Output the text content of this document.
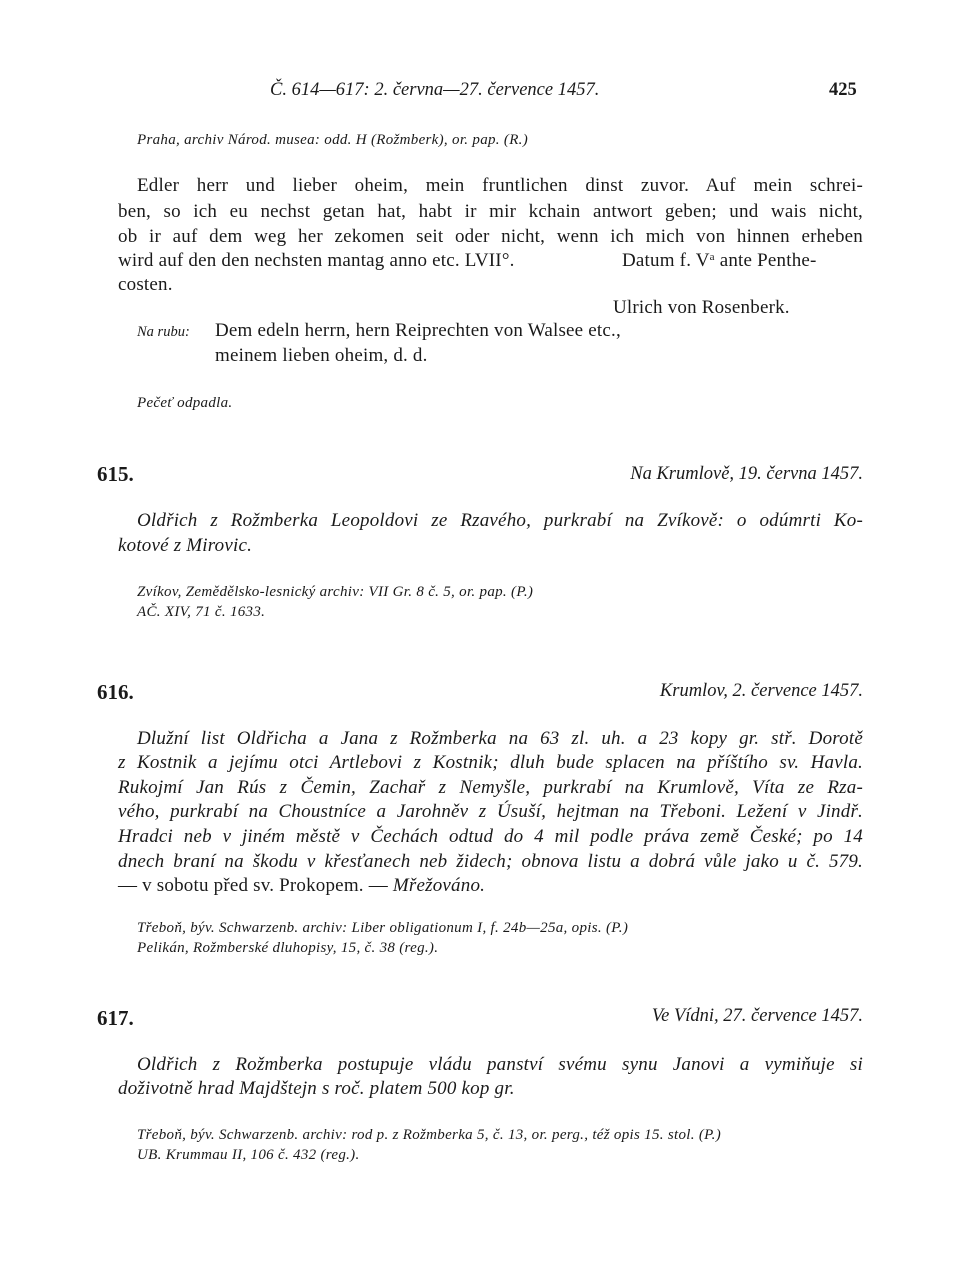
Č. 614—617: 2. června—27. července 1457.	425
Praha, archiv Národ. musea: odd. H (Rožmberk), or. pap. (R.)
Edler herr und lieber oheim, mein fruntlichen dinst zuvor. Auf mein schrei-
ben, so ich eu nechst getan hat, habt ir mir kchain antwort geben; und wais nicht,
ob ir auf dem weg her zekomen seit oder nicht, wenn ich mich von hinnen erheben
wird auf den den nechsten mantag anno etc. LVII°.	Datum f. $V^a$ ante Penthe-
costen.
Ulrich von Rosenberk.
Na rubu: Dem edeln herrn, hern Reiprechten von Walsee etc.,
meinem lieben oheim, d. d.
Pečeť odpadla.
615.	Na Krumlově, 19. června 1457.
Oldřich z Rožmberka Leopoldovi ze Rzavého, purkrabí na Zvíkově: o odúmrti Ko-
kotové z Mirovic.
Zvíkov, Zemědělsko-lesnický archiv: VII Gr. 8 č. 5, or. pap. (P.)
AČ. XIV, 71 č. 1633.
616.	Krumlov, 2. července 1457.
Dlužní list Oldřicha a Jana z Rožmberka na 63 zl. uh. a 23 kopy gr. stř. Dorotě
z Kostnik a jejímu otci Artlebovi z Kostnik; dluh bude splacen na příštího sv. Havla.
Rukojmí Jan Rús z Čemin, Zachař z Nemyšle, purkrabí na Krumlově, Víta ze Rza-
vého, purkrabí na Choustníce a Jarohněv z Úsuší, hejtman na Třeboni. Ležení v Jindř.
Hradci neb v jiném městě v Čechách odtud do 4 mil podle práva země České; po 14
dnech braní na škodu v křesťanech neb židech; obnova listu a dobrá vůle jako u č. 579.
— v sobotu před sv. Prokopem. — Mřežováno.
Třeboň, býv. Schwarzenb. archiv: Liber obligationum I, f. 24b—25a, opis. (P.)
Pelikán, Rožmberské dluhopisy, 15, č. 38 (reg.).
617.	Ve Vídni, 27. července 1457.
Oldřich z Rožmberka postupuje vládu panství svému synu Janovi a vymiňuje si
doživotně hrad Majdštejn s roč. platem 500 kop gr.
Třeboň, býv. Schwarzenb. archiv: rod p. z Rožmberka 5, č. 13, or. perg., též opis 15. stol. (P.)
UB. Krummau II, 106 č. 432 (reg.).
